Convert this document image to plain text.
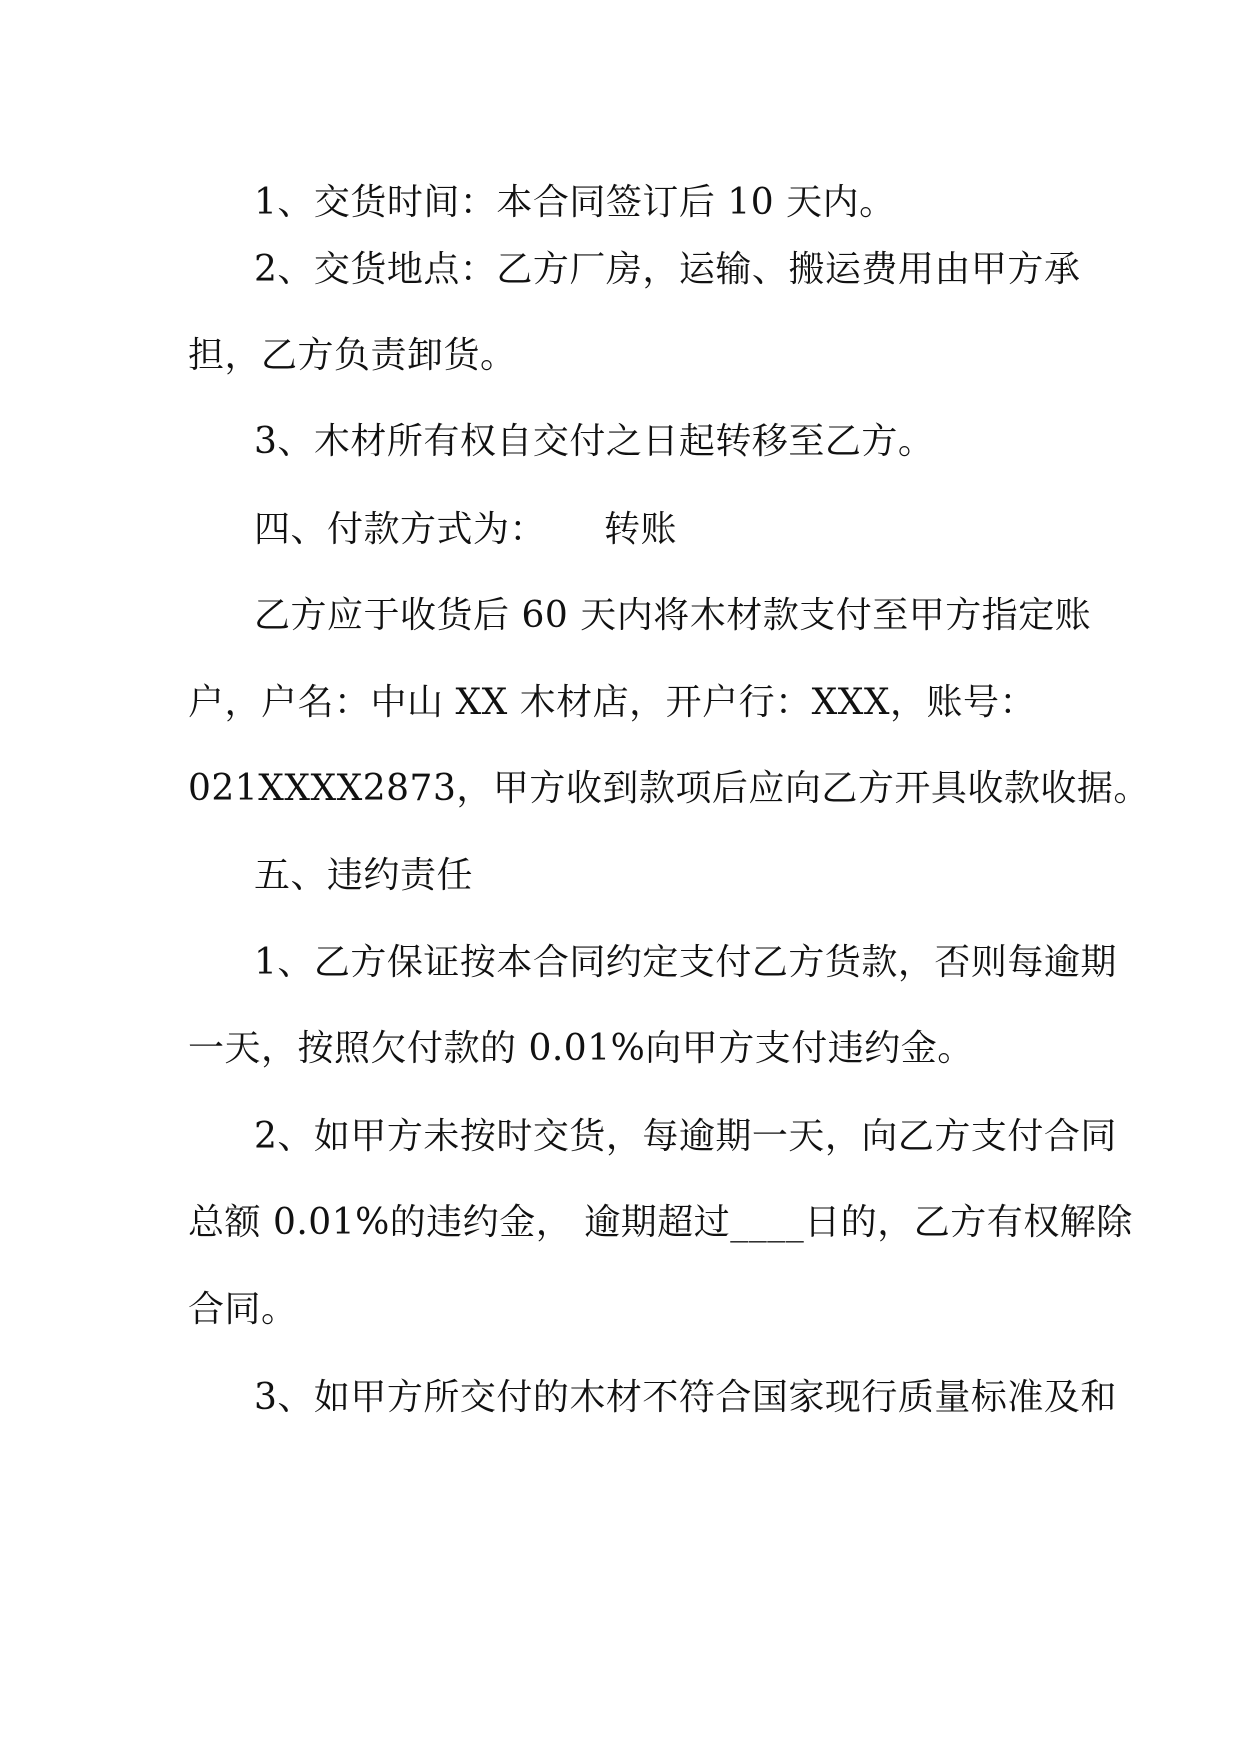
1、交货时间：本合同签订后 10 天内。
2、交货地点：乙方厂房，运输、搬运费用由甲方承
担，乙方负责卸货。
3、木材所有权自交付之日起转移至乙方。
四、付款方式为： 转账
乙方应于收货后 60 天内将木材款支付至甲方指定账
户，户名：中山 XX 木材店，开户行：XXX，账号：
021XXXX2873，甲方收到款项后应向乙方开具收款收据。
五、违约责任
1、乙方保证按本合同约定支付乙方货款，否则每逾期
一天，按照欠付款的 0.01%向甲方支付违约金。
2、如甲方未按时交货，每逾期一天，向乙方支付合同
总额 0.01%的违约金， 逾期超过____日的，乙方有权解除
合同。
3、如甲方所交付的木材不符合国家现行质量标准及和
